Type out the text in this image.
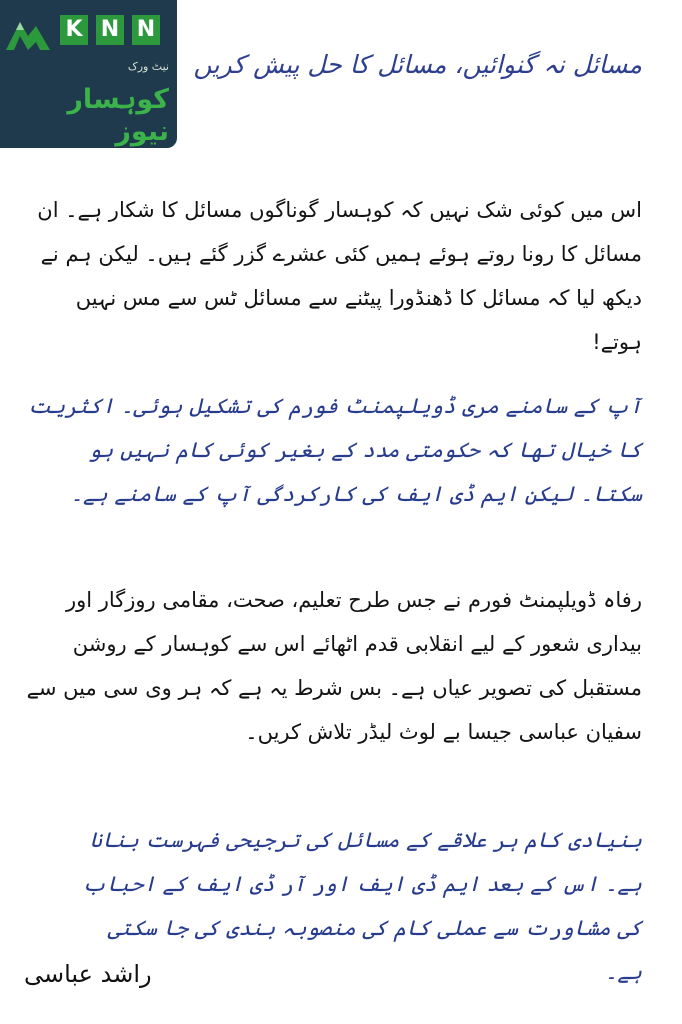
K N N
نیٹ ورک
کوہسار نیوز
مسائل نہ گنوائیں، مسائل کا حل پیش کریں

اس میں کوئی شک نہیں کہ کوہسار گوناگوں مسائل کا شکار ہے۔ ان مسائل کا رونا روتے ہوئے ہمیں کئی عشرے گزر گئے ہیں۔ لیکن ہم نے دیکھ لیا کہ مسائل کا ڈھنڈورا پیٹنے سے مسائل ٹس سے مس نہیں ہوتے!

آپ کے سامنے مری ڈویلپمنٹ فورم کی تشکیل ہوئی۔ اکثریت کا خیال تھا کہ حکومتی مدد کے بغیر کوئی کام نہیں ہو سکتا۔ لیکن ایم ڈی ایف کی کارکردگی آپ کے سامنے ہے۔

رفاہ ڈویلپمنٹ فورم نے جس طرح تعلیم، صحت، مقامی روزگار اور بیداری شعور کے لیے انقلابی قدم اٹھائے اس سے کوہسار کے روشن مستقبل کی تصویر عیاں ہے۔ بس شرط یہ ہے کہ ہر وی سی میں سے سفیان عباسی جیسا بے لوث لیڈر تلاش کریں۔

بنیادی کام ہر علاقے کے مسائل کی ترجیحی فہرست بنانا ہے۔ اس کے بعد ایم ڈی ایف اور آر ڈی ایف کے احباب کی مشاورت سے عملی کام کی منصوبہ بندی کی جا سکتی ہے۔

راشد عباسی
